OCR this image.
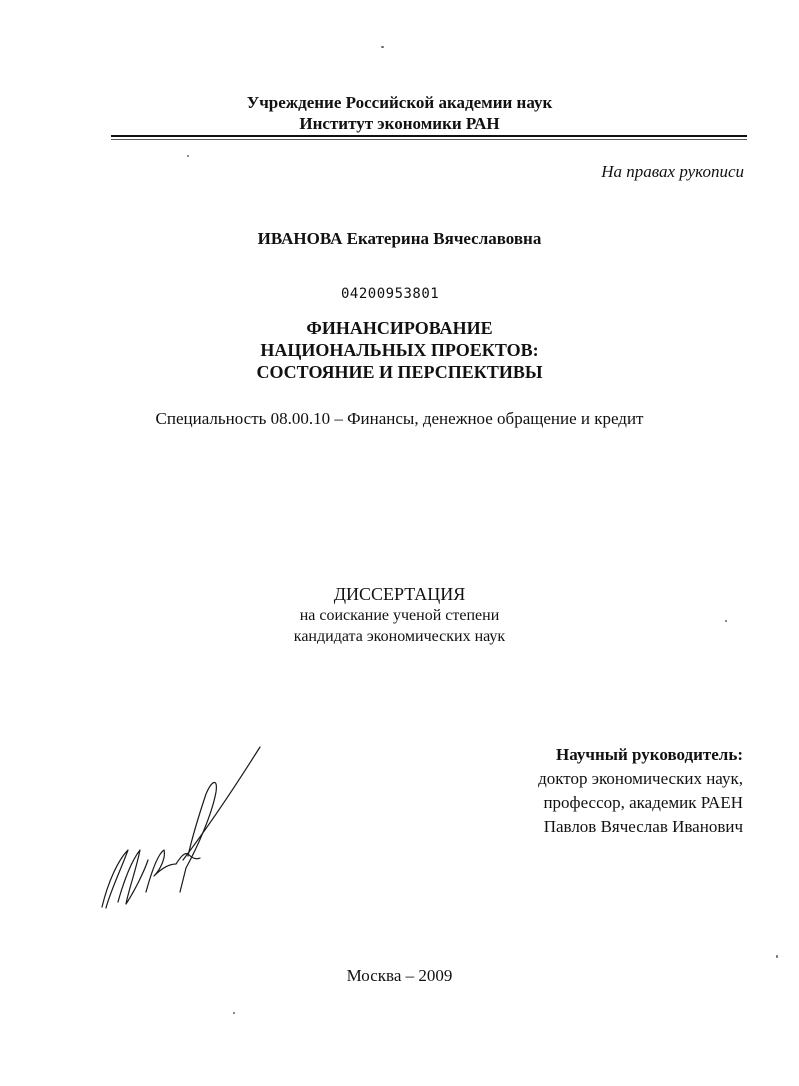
Учреждение Российской академии наук
Институт экономики РАН
На правах рукописи
ИВАНОВА Екатерина Вячеславовна
04200953801
ФИНАНСИРОВАНИЕ
НАЦИОНАЛЬНЫХ ПРОЕКТОВ:
СОСТОЯНИЕ И ПЕРСПЕКТИВЫ
Специальность 08.00.10 – Финансы, денежное обращение и кредит
ДИССЕРТАЦИЯ
на соискание ученой степени
кандидата экономических наук
Научный руководитель:
доктор экономических наук,
профессор, академик РАЕН
Павлов Вячеслав Иванович
Москва – 2009
